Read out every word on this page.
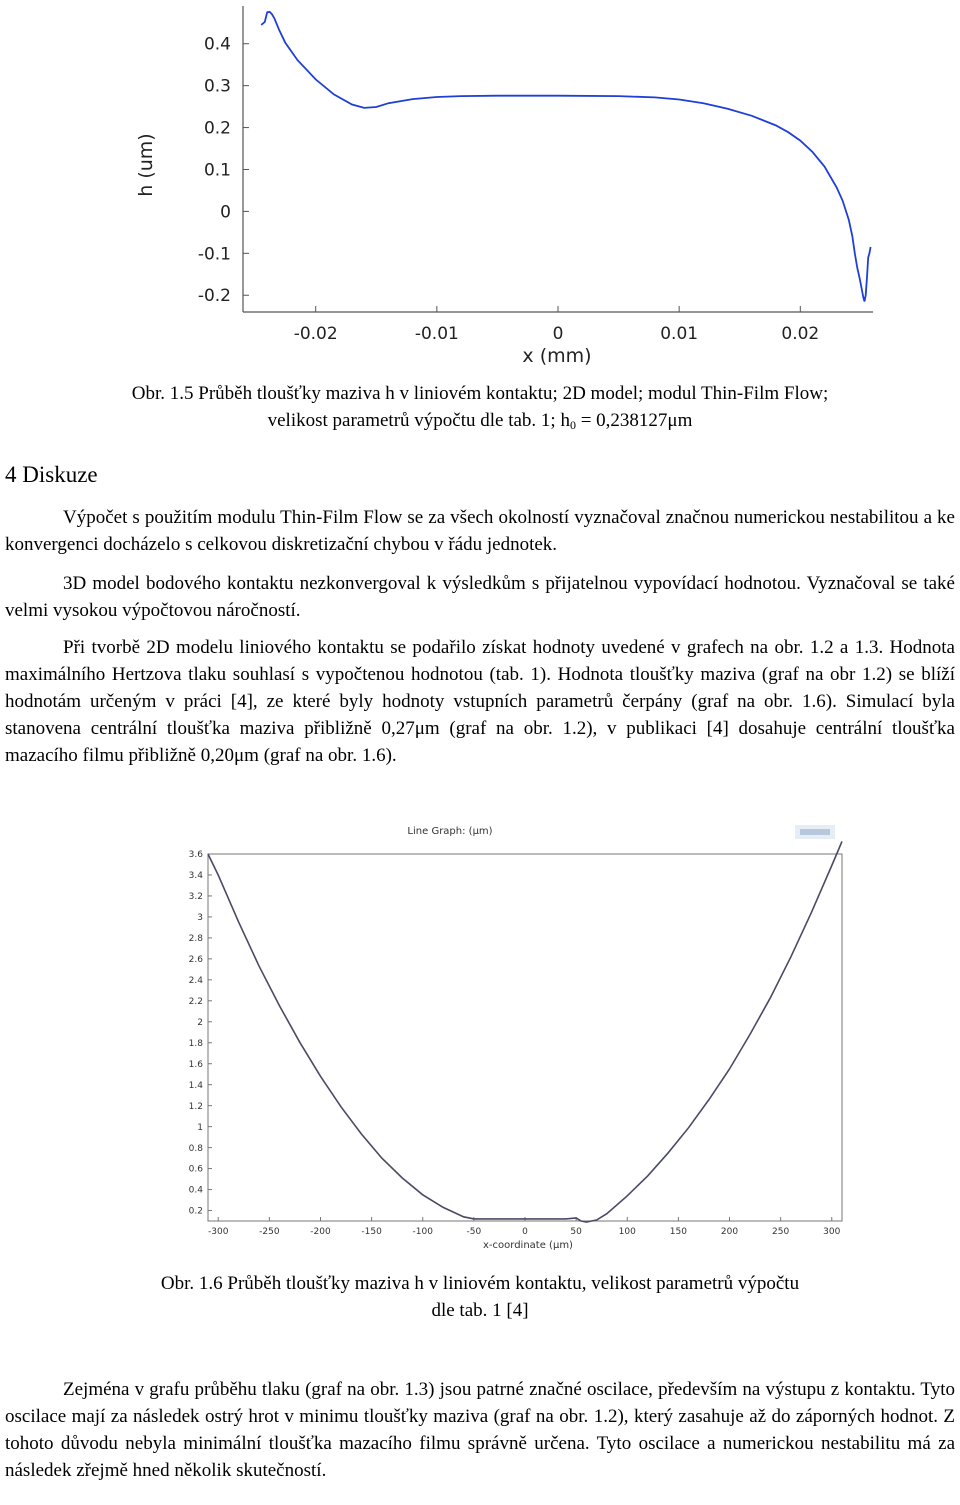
-0.2
-0.1
0
0.1
0.2
0.3
0.4
-0.02	-0.01	0	0.01	0.02
h (um)
x (mm)
Obr. 1.5 Průběh tloušťky maziva h v liniovém kontaktu; 2D model; modul Thin-Film Flow;
velikost parametrů výpočtu dle tab. 1; $h_0 = 0,238127\mu m$
4 Diskuze

Výpočet s použitím modulu Thin-Film Flow se za všech okolností vyznačoval značnou numerickou nestabilitou a ke konvergenci docházelo s celkovou diskretizační chybou v řádu jednotek.

3D model bodového kontaktu nezkonvergoval k výsledkům s přijatelnou vypovídací hodnotou. Vyznačoval se také velmi vysokou výpočtovou náročností.

Při tvorbě 2D modelu liniového kontaktu se podařilo získat hodnoty uvedené v grafech na obr. 1.2 a 1.3. Hodnota maximálního Hertzova tlaku souhlasí s vypočtenou hodnotou (tab. 1). Hodnota tloušťky maziva (graf na obr 1.2) se blíží hodnotám určeným v práci [4], ze které byly hodnoty vstupních parametrů čerpány (graf na obr. 1.6). Simulací byla stanovena centrální tloušťka maziva přibližně 0,27μm (graf na obr. 1.2), v publikaci [4] dosahuje centrální tloušťka mazacího filmu přibližně 0,20μm (graf na obr. 1.6).

Line Graph: (μm)
0.2
0.4
0.6
0.8
1
1.2
1.4
1.6
1.8
2
2.2
2.4
2.6
2.8
3
3.2
3.4
3.6
-300	-250	-200	-150	-100	-50	0	50	100	150	200	250	300
x-coordinate (μm)
Obr. 1.6 Průběh tloušťky maziva h v liniovém kontaktu, velikost parametrů výpočtu
dle tab. 1 [4]

Zejména v grafu průběhu tlaku (graf na obr. 1.3) jsou patrné značné oscilace, především na výstupu z kontaktu. Tyto oscilace mají za následek ostrý hrot v minimu tloušťky maziva (graf na obr. 1.2), který zasahuje až do záporných hodnot. Z tohoto důvodu nebyla minimální tloušťka mazacího filmu správně určena. Tyto oscilace a numerickou nestabilitu má za následek zřejmě hned několik skutečností.
